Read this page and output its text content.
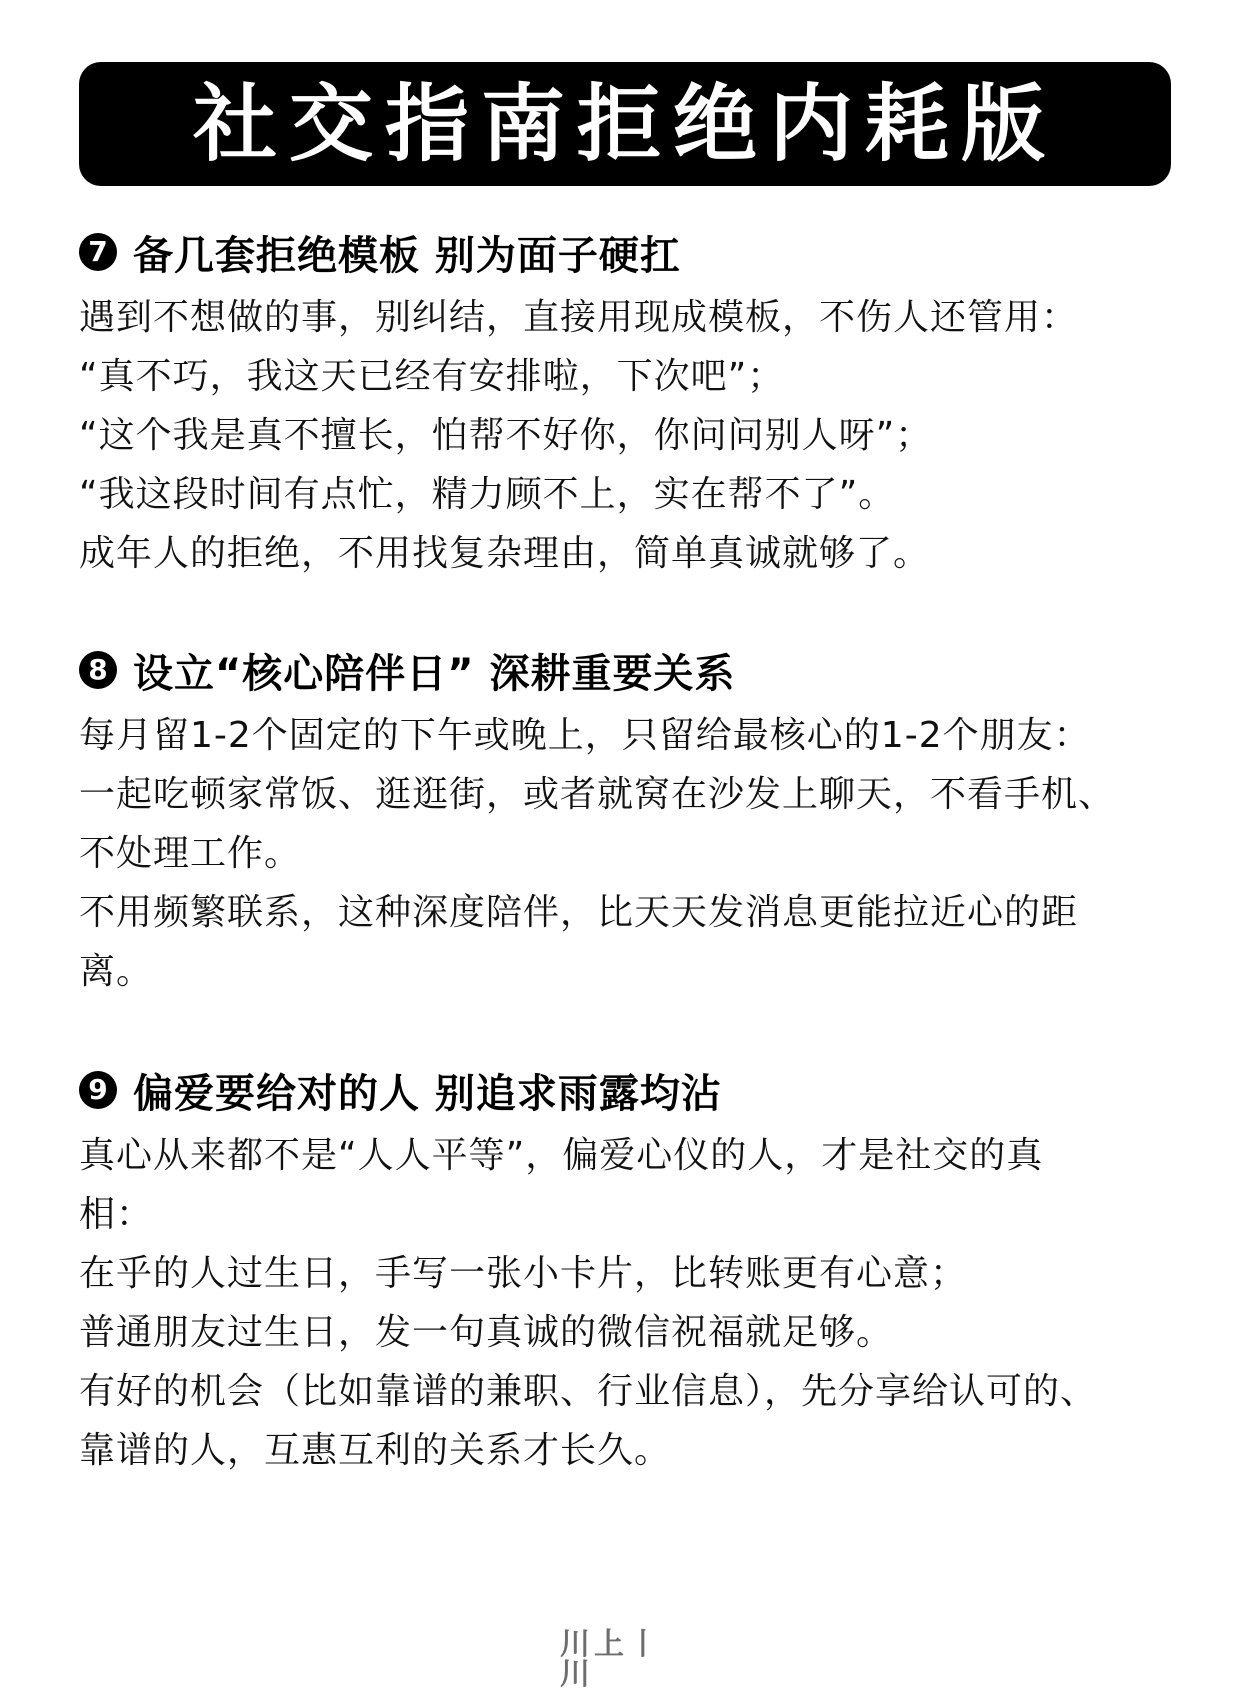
社交指南拒绝内耗版
7 备几套拒绝模板 别为面子硬扛
遇到不想做的事，别纠结，直接用现成模板，不伤人还管用：
“真不巧，我这天已经有安排啦，下次吧”；
“这个我是真不擅长，怕帮不好你，你问问别人呀”；
“我这段时间有点忙，精力顾不上，实在帮不了”。
成年人的拒绝，不用找复杂理由，简单真诚就够了。
8 设立“核心陪伴日” 深耕重要关系
每月留1-2个固定的下午或晚上，只留给最核心的1-2个朋友：
一起吃顿家常饭、逛逛街，或者就窝在沙发上聊天，不看手机、
不处理工作。
不用频繁联系，这种深度陪伴，比天天发消息更能拉近心的距
离。
9 偏爱要给对的人 别追求雨露均沾
真心从来都不是“人人平等”，偏爱心仪的人，才是社交的真
相：
在乎的人过生日，手写一张小卡片，比转账更有心意；
普通朋友过生日，发一句真诚的微信祝福就足够。
有好的机会（比如靠谱的兼职、行业信息），先分享给认可的、
靠谱的人，互惠互利的关系才长久。
川上丨川
